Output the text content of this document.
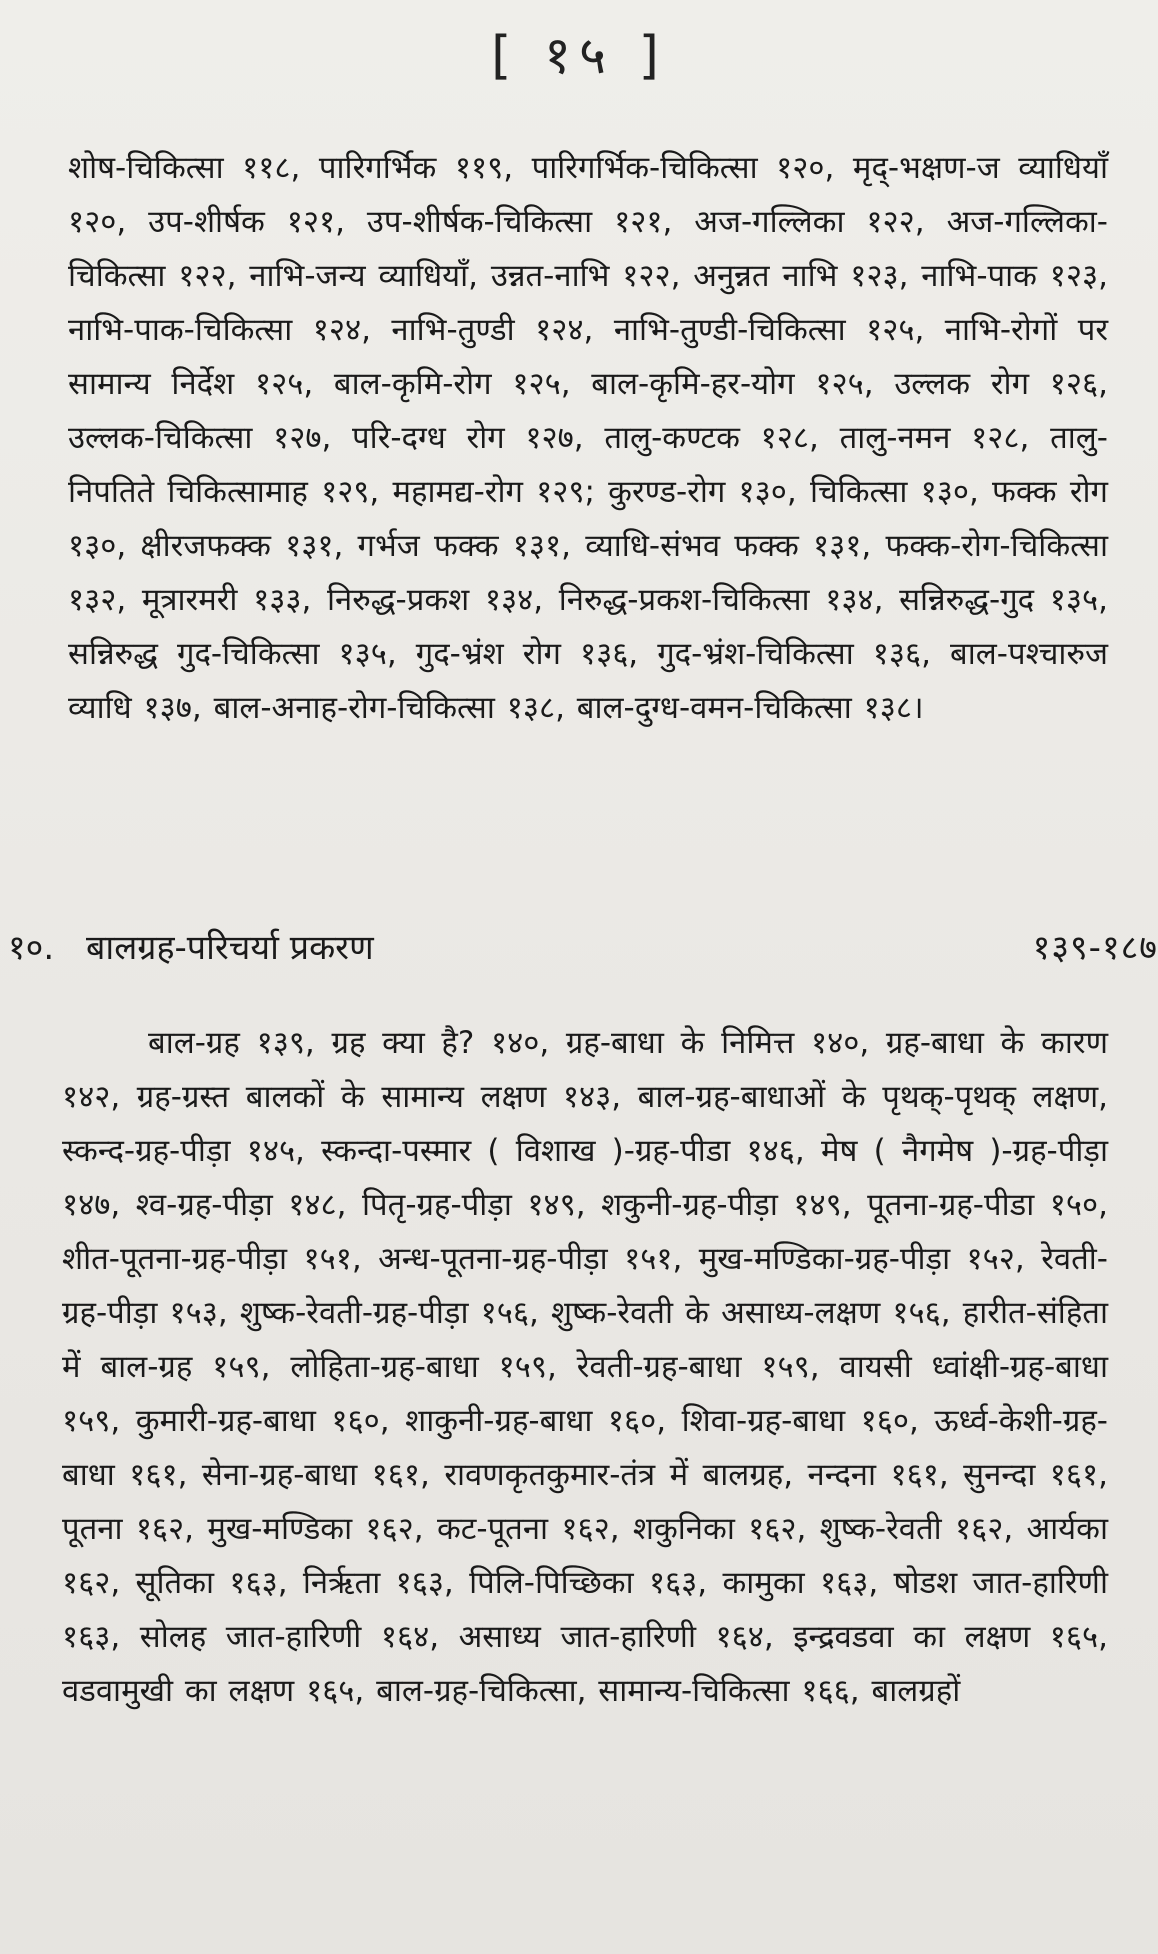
[ १५ ]

शोष-चिकित्सा ११८, पारिगर्भिक ११९, पारिगर्भिक-चिकित्सा १२०, मृद्-भक्षण-ज व्याधियाँ १२०, उप-शीर्षक १२१, उप-शीर्षक-चिकित्सा १२१, अज-गल्लिका १२२, अज-गल्लिका-चिकित्सा १२२, नाभि-जन्य व्याधियाँ, उन्नत-नाभि १२२, अनुन्नत नाभि १२३, नाभि-पाक १२३, नाभि-पाक-चिकित्सा १२४, नाभि-तुण्डी १२४, नाभि-तुण्डी-चिकित्सा १२५, नाभि-रोगों पर सामान्य निर्देश १२५, बाल-कृमि-रोग १२५, बाल-कृमि-हर-योग १२५, उल्लक रोग १२६, उल्लक-चिकित्सा १२७, परि-दग्ध रोग १२७, तालु-कण्टक १२८, तालु-नमन १२८, तालु-निपतिते चिकित्सामाह १२९, महामद्य-रोग १२९; कुरण्ड-रोग १३०, चिकित्सा १३०, फक्क रोग १३०, क्षीरजफक्क १३१, गर्भज फक्क १३१, व्याधि-संभव फक्क १३१, फक्क-रोग-चिकित्सा १३२, मूत्रारमरी १३३, निरुद्ध-प्रकश १३४, निरुद्ध-प्रकश-चिकित्सा १३४, सन्निरुद्ध-गुद १३५, सन्निरुद्ध गुद-चिकित्सा १३५, गुद-भ्रंश रोग १३६, गुद-भ्रंश-चिकित्सा १३६, बाल-पश्चारुज व्याधि १३७, बाल-अनाह-रोग-चिकित्सा १३८, बाल-दुग्ध-वमन-चिकित्सा १३८।

१०. बालग्रह-परिचर्या प्रकरण	१३९-१८७

बाल-ग्रह १३९, ग्रह क्या है? १४०, ग्रह-बाधा के निमित्त १४०, ग्रह-बाधा के कारण १४२, ग्रह-ग्रस्त बालकों के सामान्य लक्षण १४३, बाल-ग्रह-बाधाओं के पृथक्-पृथक् लक्षण, स्कन्द-ग्रह-पीड़ा १४५, स्कन्दा-पस्मार ( विशाख )-ग्रह-पीडा १४६, मेष ( नैगमेष )-ग्रह-पीड़ा १४७, श्व-ग्रह-पीड़ा १४८, पितृ-ग्रह-पीड़ा १४९, शकुनी-ग्रह-पीड़ा १४९, पूतना-ग्रह-पीडा १५०, शीत-पूतना-ग्रह-पीड़ा १५१, अन्ध-पूतना-ग्रह-पीड़ा १५१, मुख-मण्डिका-ग्रह-पीड़ा १५२, रेवती-ग्रह-पीड़ा १५३, शुष्क-रेवती-ग्रह-पीड़ा १५६, शुष्क-रेवती के असाध्य-लक्षण १५६, हारीत-संहिता में बाल-ग्रह १५९, लोहिता-ग्रह-बाधा १५९, रेवती-ग्रह-बाधा १५९, वायसी ध्वांक्षी-ग्रह-बाधा १५९, कुमारी-ग्रह-बाधा १६०, शाकुनी-ग्रह-बाधा १६०, शिवा-ग्रह-बाधा १६०, ऊर्ध्व-केशी-ग्रह-बाधा १६१, सेना-ग्रह-बाधा १६१, रावणकृतकुमार-तंत्र में बालग्रह, नन्दना १६१, सुनन्दा १६१, पूतना १६२, मुख-मण्डिका १६२, कट-पूतना १६२, शकुनिका १६२, शुष्क-रेवती १६२, आर्यका १६२, सूतिका १६३, निर्ऋता १६३, पिलि-पिच्छिका १६३, कामुका १६३, षोडश जात-हारिणी १६३, सोलह जात-हारिणी १६४, असाध्य जात-हारिणी १६४, इन्द्रवडवा का लक्षण १६५, वडवामुखी का लक्षण १६५, बाल-ग्रह-चिकित्सा, सामान्य-चिकित्सा १६६, बालग्रहों
